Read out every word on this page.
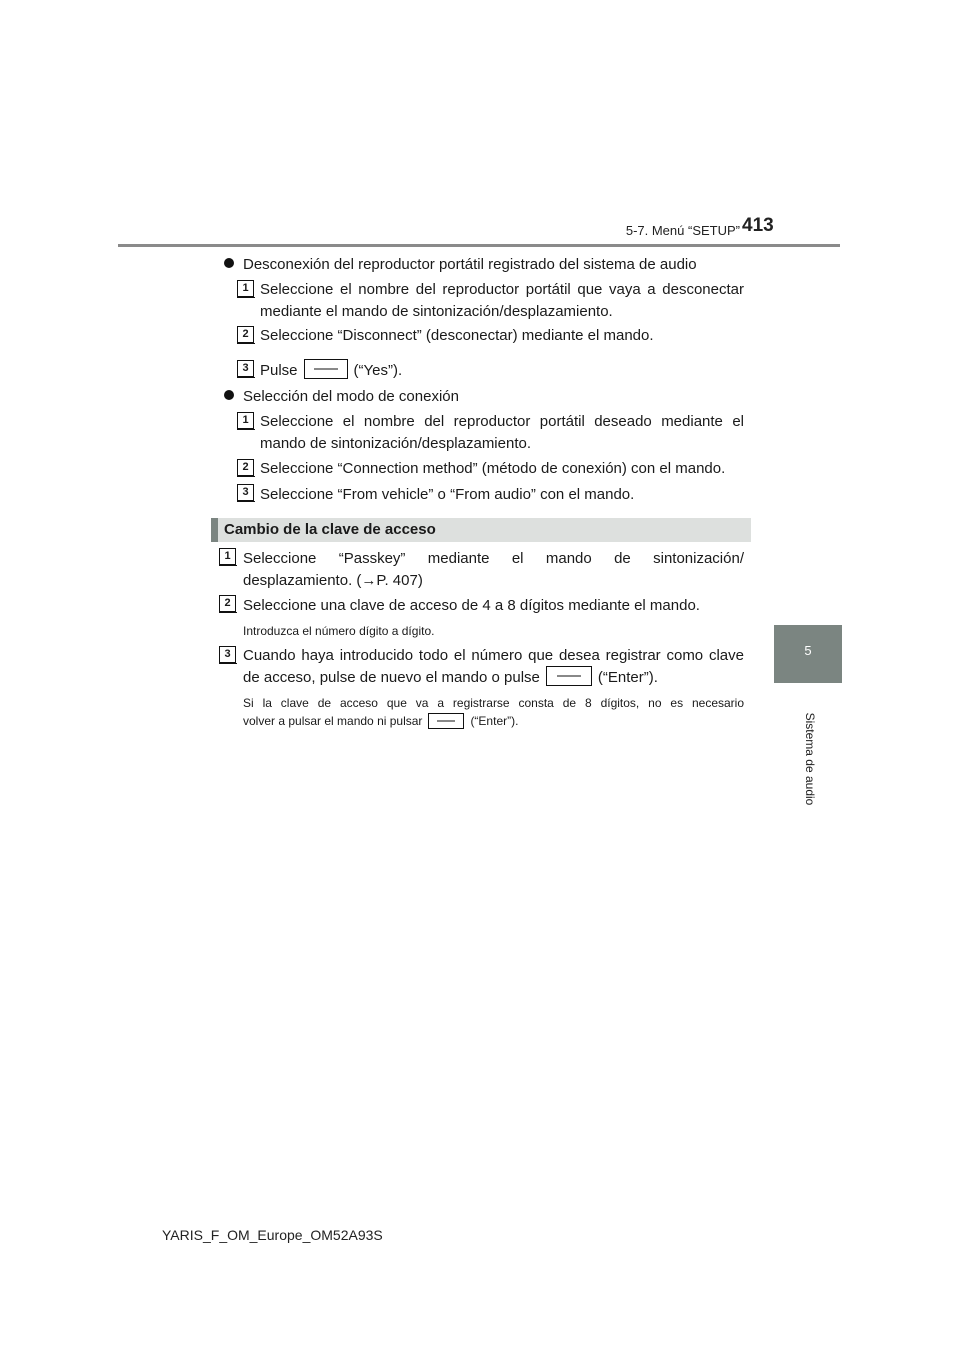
5-7. Menú “SETUP” 413
5
Sistema de audio
Desconexión del reproductor portátil registrado del sistema de audio
1 Seleccione el nombre del reproductor portátil que vaya a desconectar
mediante el mando de sintonización/desplazamiento.
2 Seleccione “Disconnect” (desconectar) mediante el mando.
3 Pulse	(“Yes”).
Selección del modo de conexión
1 Seleccione el nombre del reproductor portátil deseado mediante el
mando de sintonización/desplazamiento.
2 Seleccione “Connection method” (método de conexión) con el mando.
3 Seleccione “From vehicle” o “From audio” con el mando.
Cambio de la clave de acceso
1 Seleccione “Passkey” mediante el mando de sintonización/
desplazamiento. (→P. 407)
2 Seleccione una clave de acceso de 4 a 8 dígitos mediante el mando.
Introduzca el número dígito a dígito.
3 Cuando haya introducido todo el número que desea registrar como clave
de acceso, pulse de nuevo el mando o pulse	(“Enter”).
Si la clave de acceso que va a registrarse consta de 8 dígitos, no es necesario
volver a pulsar el mando ni pulsar	(“Enter”).
YARIS_F_OM_Europe_OM52A93S
